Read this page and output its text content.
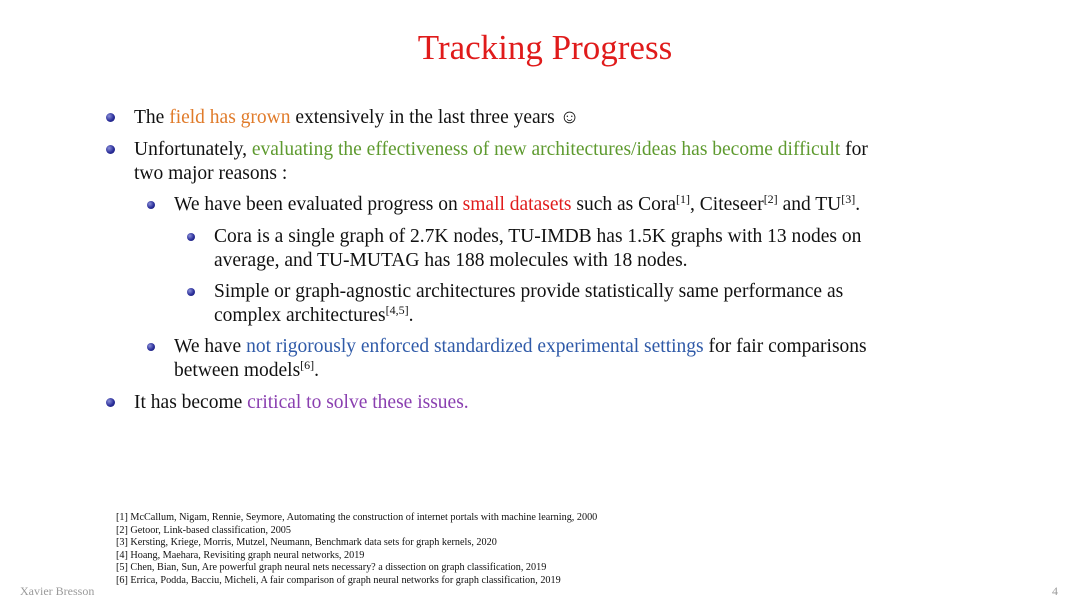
Tracking Progress
The field has grown extensively in the last three years ☺
Unfortunately, evaluating the effectiveness of new architectures/ideas has become difficult for
two major reasons :
We have been evaluated progress on small datasets such as Cora[1], Citeseer[2] and TU[3].
Cora is a single graph of 2.7K nodes, TU-IMDB has 1.5K graphs with 13 nodes on
average, and TU-MUTAG has 188 molecules with 18 nodes.
Simple or graph-agnostic architectures provide statistically same performance as
complex architectures[4,5].
We have not rigorously enforced standardized experimental settings for fair comparisons
between models[6].
It has become critical to solve these issues.
[1] McCallum, Nigam, Rennie, Seymore, Automating the construction of internet portals with machine learning, 2000
[2] Getoor, Link-based classification, 2005
[3] Kersting, Kriege, Morris, Mutzel, Neumann, Benchmark data sets for graph kernels, 2020
[4] Hoang, Maehara, Revisiting graph neural networks, 2019
[5] Chen, Bian, Sun, Are powerful graph neural nets necessary? a dissection on graph classification, 2019
[6] Errica, Podda, Bacciu, Micheli, A fair comparison of graph neural networks for graph classification, 2019
Xavier Bresson	4
